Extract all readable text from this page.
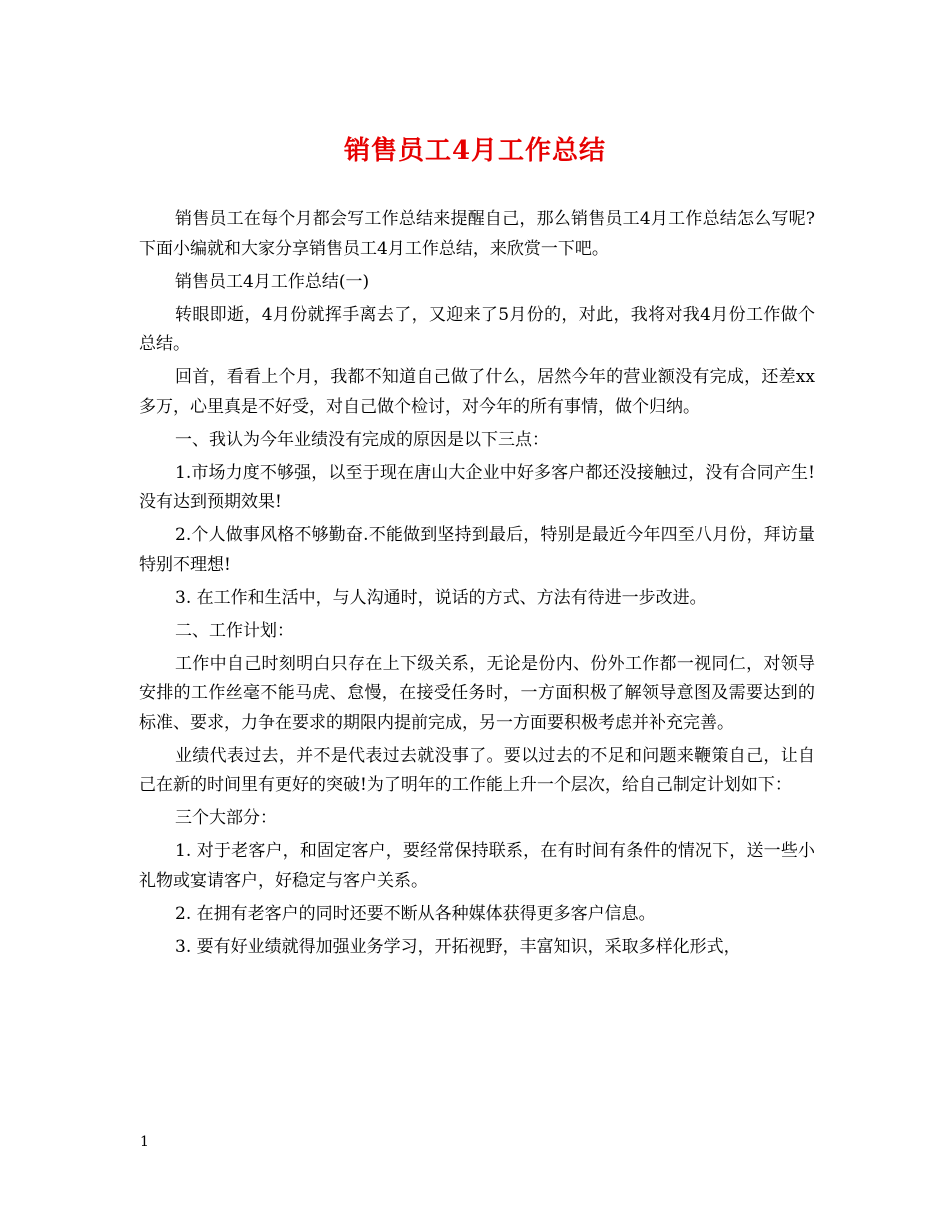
销售员工4月工作总结

销售员工在每个月都会写工作总结来提醒自己，那么销售员工4月工作总结怎么写呢?下面小编就和大家分享销售员工4月工作总结，来欣赏一下吧。

销售员工4月工作总结(一)

转眼即逝，4月份就挥手离去了，又迎来了5月份的，对此，我将对我4月份工作做个总结。

回首，看看上个月，我都不知道自己做了什么，居然今年的营业额没有完成，还差xx多万，心里真是不好受，对自己做个检讨，对今年的所有事情，做个归纳。

一、我认为今年业绩没有完成的原因是以下三点：

1.市场力度不够强，以至于现在唐山大企业中好多客户都还没接触过，没有合同产生!没有达到预期效果!

2.个人做事风格不够勤奋.不能做到坚持到最后，特别是最近今年四至八月份，拜访量特别不理想!

3. 在工作和生活中，与人沟通时，说话的方式、方法有待进一步改进。

二、工作计划：

工作中自己时刻明白只存在上下级关系，无论是份内、份外工作都一视同仁，对领导安排的工作丝毫不能马虎、怠慢，在接受任务时，一方面积极了解领导意图及需要达到的标准、要求，力争在要求的期限内提前完成，另一方面要积极考虑并补充完善。

业绩代表过去，并不是代表过去就没事了。要以过去的不足和问题来鞭策自己，让自己在新的时间里有更好的突破!为了明年的工作能上升一个层次，给自己制定计划如下：

三个大部分：

1. 对于老客户，和固定客户，要经常保持联系，在有时间有条件的情况下，送一些小礼物或宴请客户，好稳定与客户关系。

2. 在拥有老客户的同时还要不断从各种媒体获得更多客户信息。

3. 要有好业绩就得加强业务学习，开拓视野，丰富知识，采取多样化形式，

1
